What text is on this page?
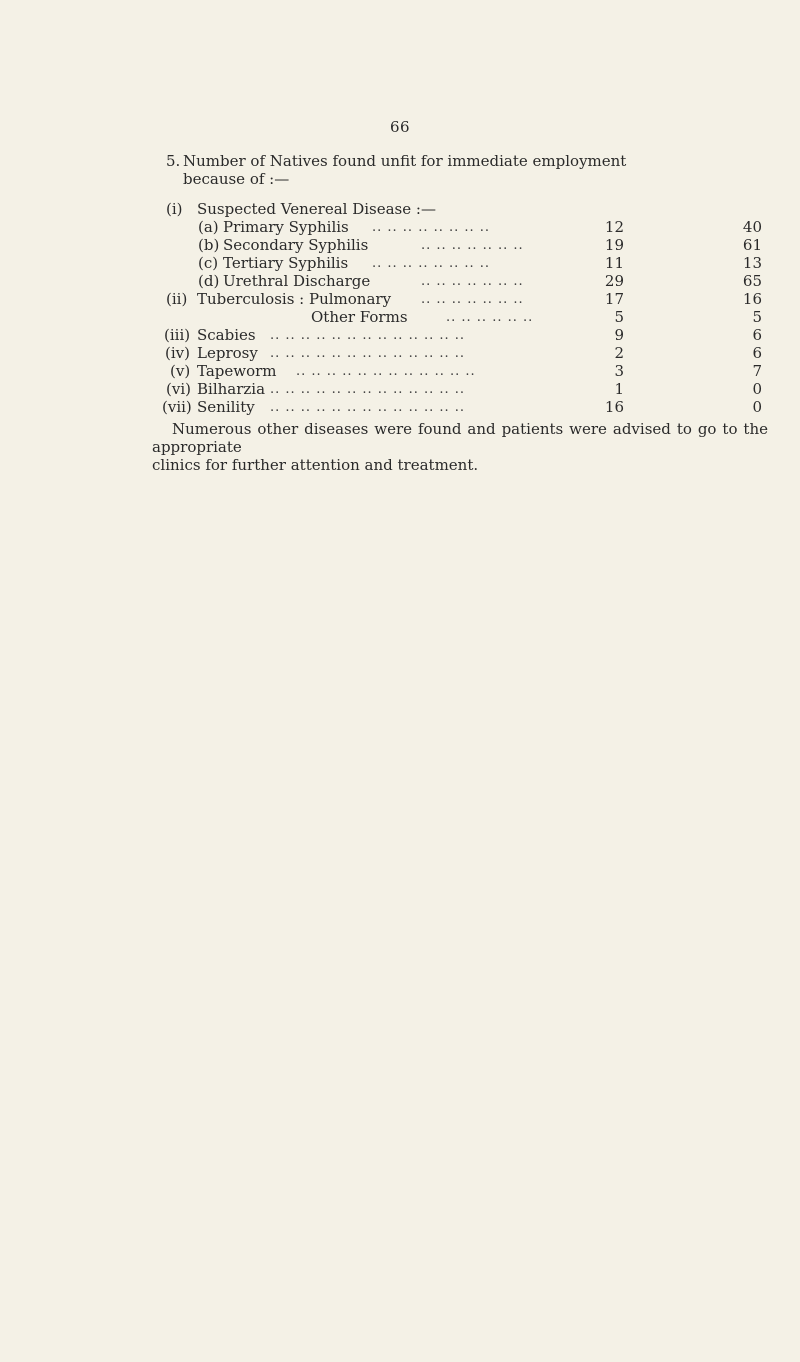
66
5. Number of Natives found unfit for immediate employment because of :—
(i) Suspected Venereal Disease :—
(a) Primary Syphilis .. .. .. .. .. .. .. ..	12	40
(b) Secondary Syphilis	.. .. .. .. .. .. ..	19	61
(c) Tertiary Syphilis .. .. .. .. .. .. .. ..	11	13
(d) Urethral Discharge	.. .. .. .. .. .. ..	29	65
(ii) Tuberculosis : Pulmonary .. .. .. .. .. .. ..	17	16
Other Forms	.. .. .. .. .. ..	5	5
(iii) Scabies .. .. .. .. .. .. .. .. .. .. .. .. ..	9	6
(iv) Leprosy .. .. .. .. .. .. .. .. .. .. .. .. ..	2	6
(v) Tapeworm .. .. .. .. .. .. .. .. .. .. .. ..	3	7
(vi) Bilharzia .. .. .. .. .. .. .. .. .. .. .. .. ..	1	0
(vii) Senility .. .. .. .. .. .. .. .. .. .. .. .. ..	16	0
Numerous other diseases were found and patients were advised to go to the appropriate
clinics for further attention and treatment.
